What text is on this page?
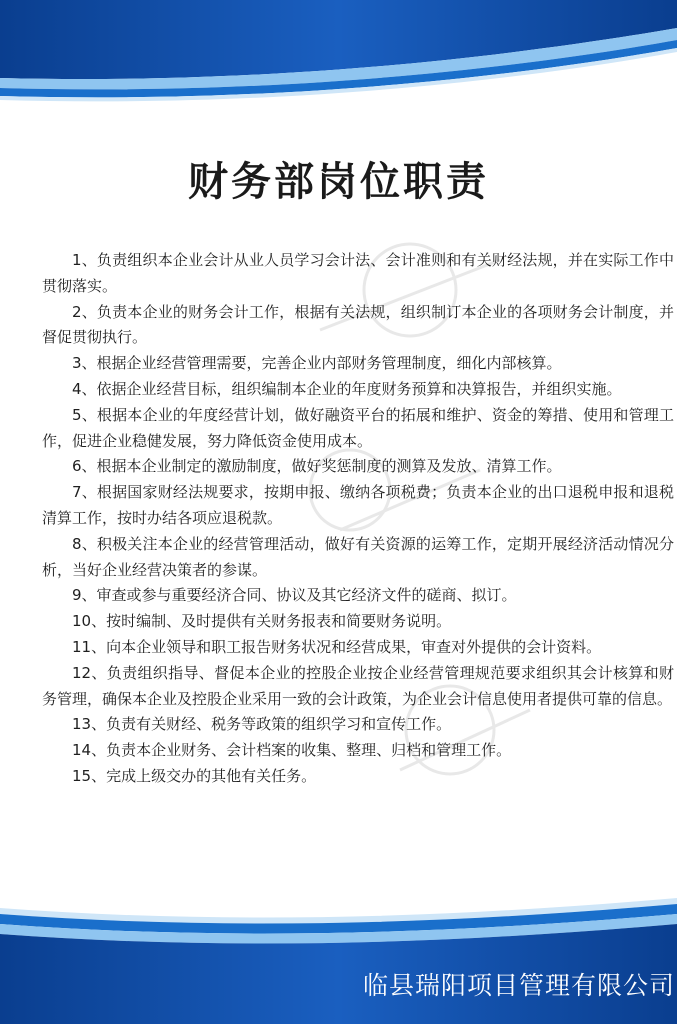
财务部岗位职责

1、负责组织本企业会计从业人员学习会计法、会计准则和有关财经法规，并在实际工作中贯彻落实。

2、负责本企业的财务会计工作，根据有关法规，组织制订本企业的各项财务会计制度，并督促贯彻执行。

3、根据企业经营管理需要，完善企业内部财务管理制度，细化内部核算。

4、依据企业经营目标，组织编制本企业的年度财务预算和决算报告，并组织实施。

5、根据本企业的年度经营计划，做好融资平台的拓展和维护、资金的筹措、使用和管理工作，促进企业稳健发展，努力降低资金使用成本。

6、根据本企业制定的激励制度，做好奖惩制度的测算及发放、清算工作。

7、根据国家财经法规要求，按期申报、缴纳各项税费；负责本企业的出口退税申报和退税清算工作，按时办结各项应退税款。

8、积极关注本企业的经营管理活动，做好有关资源的运筹工作，定期开展经济活动情况分析，当好企业经营决策者的参谋。

9、审查或参与重要经济合同、协议及其它经济文件的磋商、拟订。

10、按时编制、及时提供有关财务报表和简要财务说明。

11、向本企业领导和职工报告财务状况和经营成果，审查对外提供的会计资料。

12、负责组织指导、督促本企业的控股企业按企业经营管理规范要求组织其会计核算和财务管理，确保本企业及控股企业采用一致的会计政策，为企业会计信息使用者提供可靠的信息。

13、负责有关财经、税务等政策的组织学习和宣传工作。

14、负责本企业财务、会计档案的收集、整理、归档和管理工作。

15、完成上级交办的其他有关任务。

临县瑞阳项目管理有限公司
